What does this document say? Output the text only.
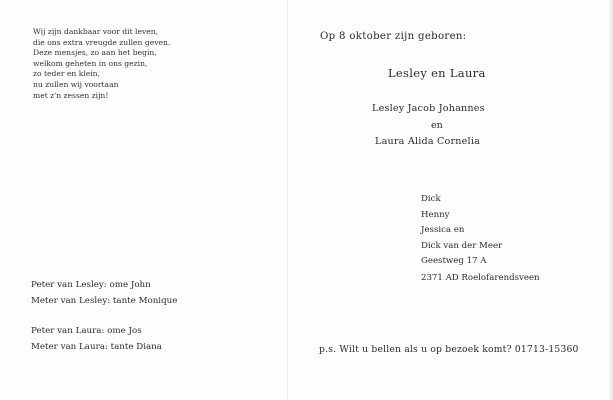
Wij zijn dankbaar voor dit leven,
die ons extra vreugde zullen geven.
Deze mensjes, zo aan het begin,
welkom geheten in ons gezin,
zo teder en klein,
nu zullen wij voortaan
met z'n zessen zijn!
Peter van Lesley: ome John
Meter van Lesley: tante Monique
Peter van Laura: ome Jos
Meter van Laura: tante Diana
Op 8 oktober zijn geboren:
Lesley en Laura
Lesley Jacob Johannes
en
Laura Alida Cornelia
Dick
Henny
Jessica en
Dick van der Meer
Geestweg 17 A
2371 AD Roelofarendsveen
p.s. Wilt u bellen als u op bezoek komt? 01713-15360
